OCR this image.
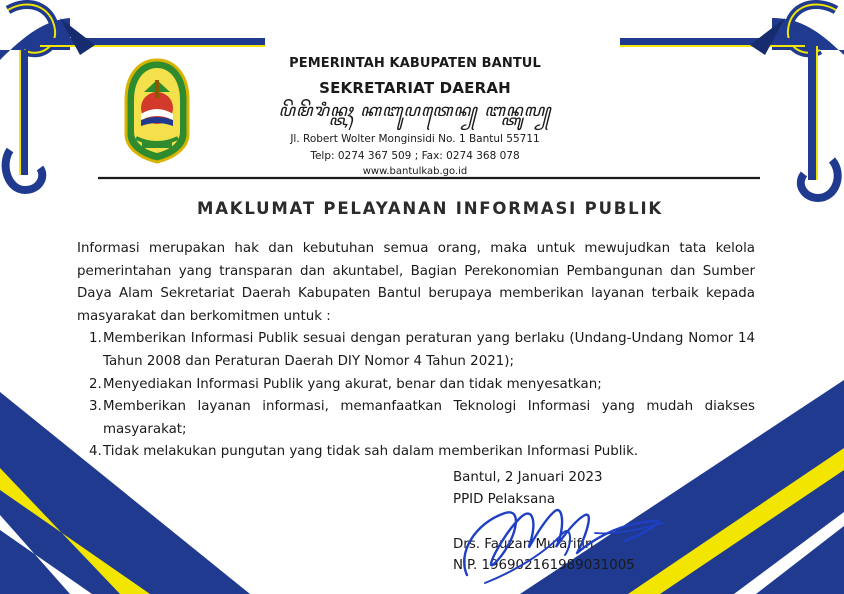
PEMERINTAH KABUPATEN BANTUL
SEKRETARIAT DAERAH
ꦥꦼꦩꦼꦫꦶꦤ꧀ꦠꦃ ꦏꦧꦸꦥꦠꦺꦤ꧀ ꦧꦤ꧀ꦠꦸꦭ꧀
Jl. Robert Wolter Monginsidi No. 1 Bantul 55711
Telp: 0274 367 509 ; Fax: 0274 368 078
www.bantulkab.go.id
MAKLUMAT PELAYANAN INFORMASI PUBLIK

Informasi merupakan hak dan kebutuhan semua orang, maka untuk mewujudkan tata kelola pemerintahan yang transparan dan akuntabel, Bagian Perekonomian Pembangunan dan Sumber Daya Alam Sekretariat Daerah Kabupaten Bantul berupaya memberikan layanan terbaik kepada masyarakat dan berkomitmen untuk :

1. Memberikan Informasi Publik sesuai dengan peraturan yang berlaku (Undang-Undang Nomor 14 Tahun 2008 dan Peraturan Daerah DIY Nomor 4 Tahun 2021);
2. Menyediakan Informasi Publik yang akurat, benar dan tidak menyesatkan;
3. Memberikan layanan informasi, memanfaatkan Teknologi Informasi yang mudah diakses masyarakat;
4. Tidak melakukan pungutan yang tidak sah dalam memberikan Informasi Publik.
Bantul, 2 Januari 2023
PPID Pelaksana
Drs. Fauzan Mu'arifin
NIP. 196902161989031005
